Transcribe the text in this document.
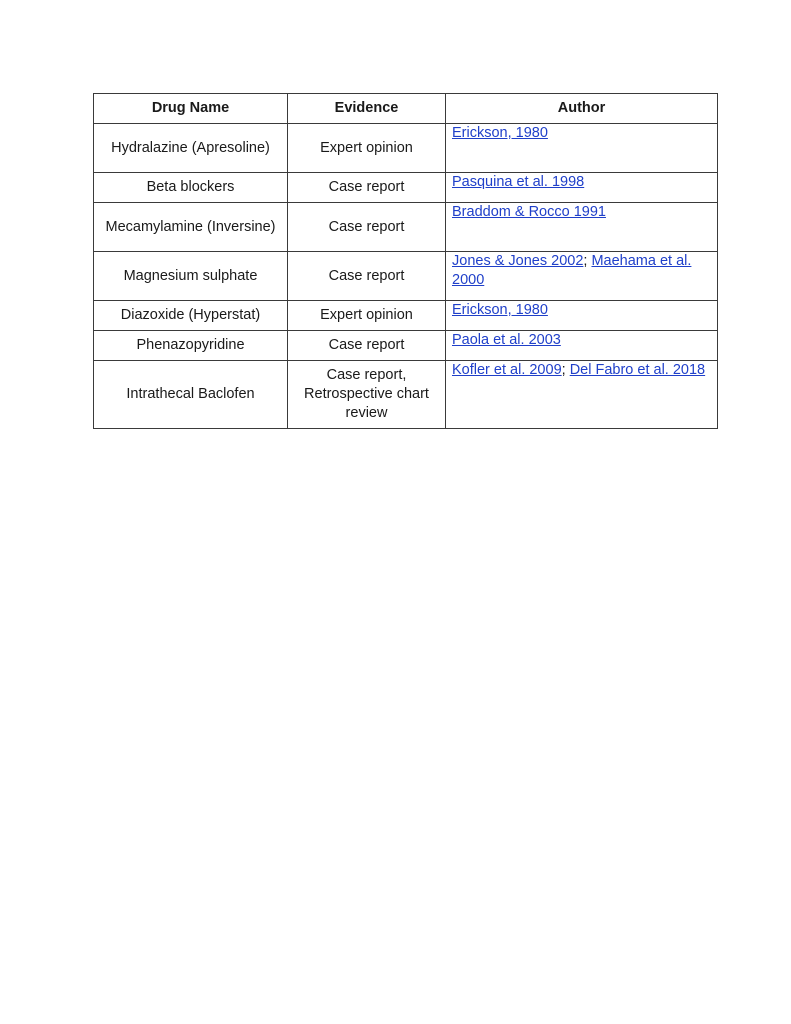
Drug Name	Evidence	Author
Hydralazine (Apresoline)	Expert opinion	Erickson, 1980
Beta blockers	Case report	Pasquina et al. 1998
Mecamylamine (Inversine)	Case report	Braddom & Rocco 1991
Magnesium sulphate	Case report	Jones & Jones 2002; Maehama et al. 2000
Diazoxide (Hyperstat)	Expert opinion	Erickson, 1980
Phenazopyridine	Case report	Paola et al. 2003
Intrathecal Baclofen	Case report, Retrospective chart review	Kofler et al. 2009; Del Fabro et al. 2018
